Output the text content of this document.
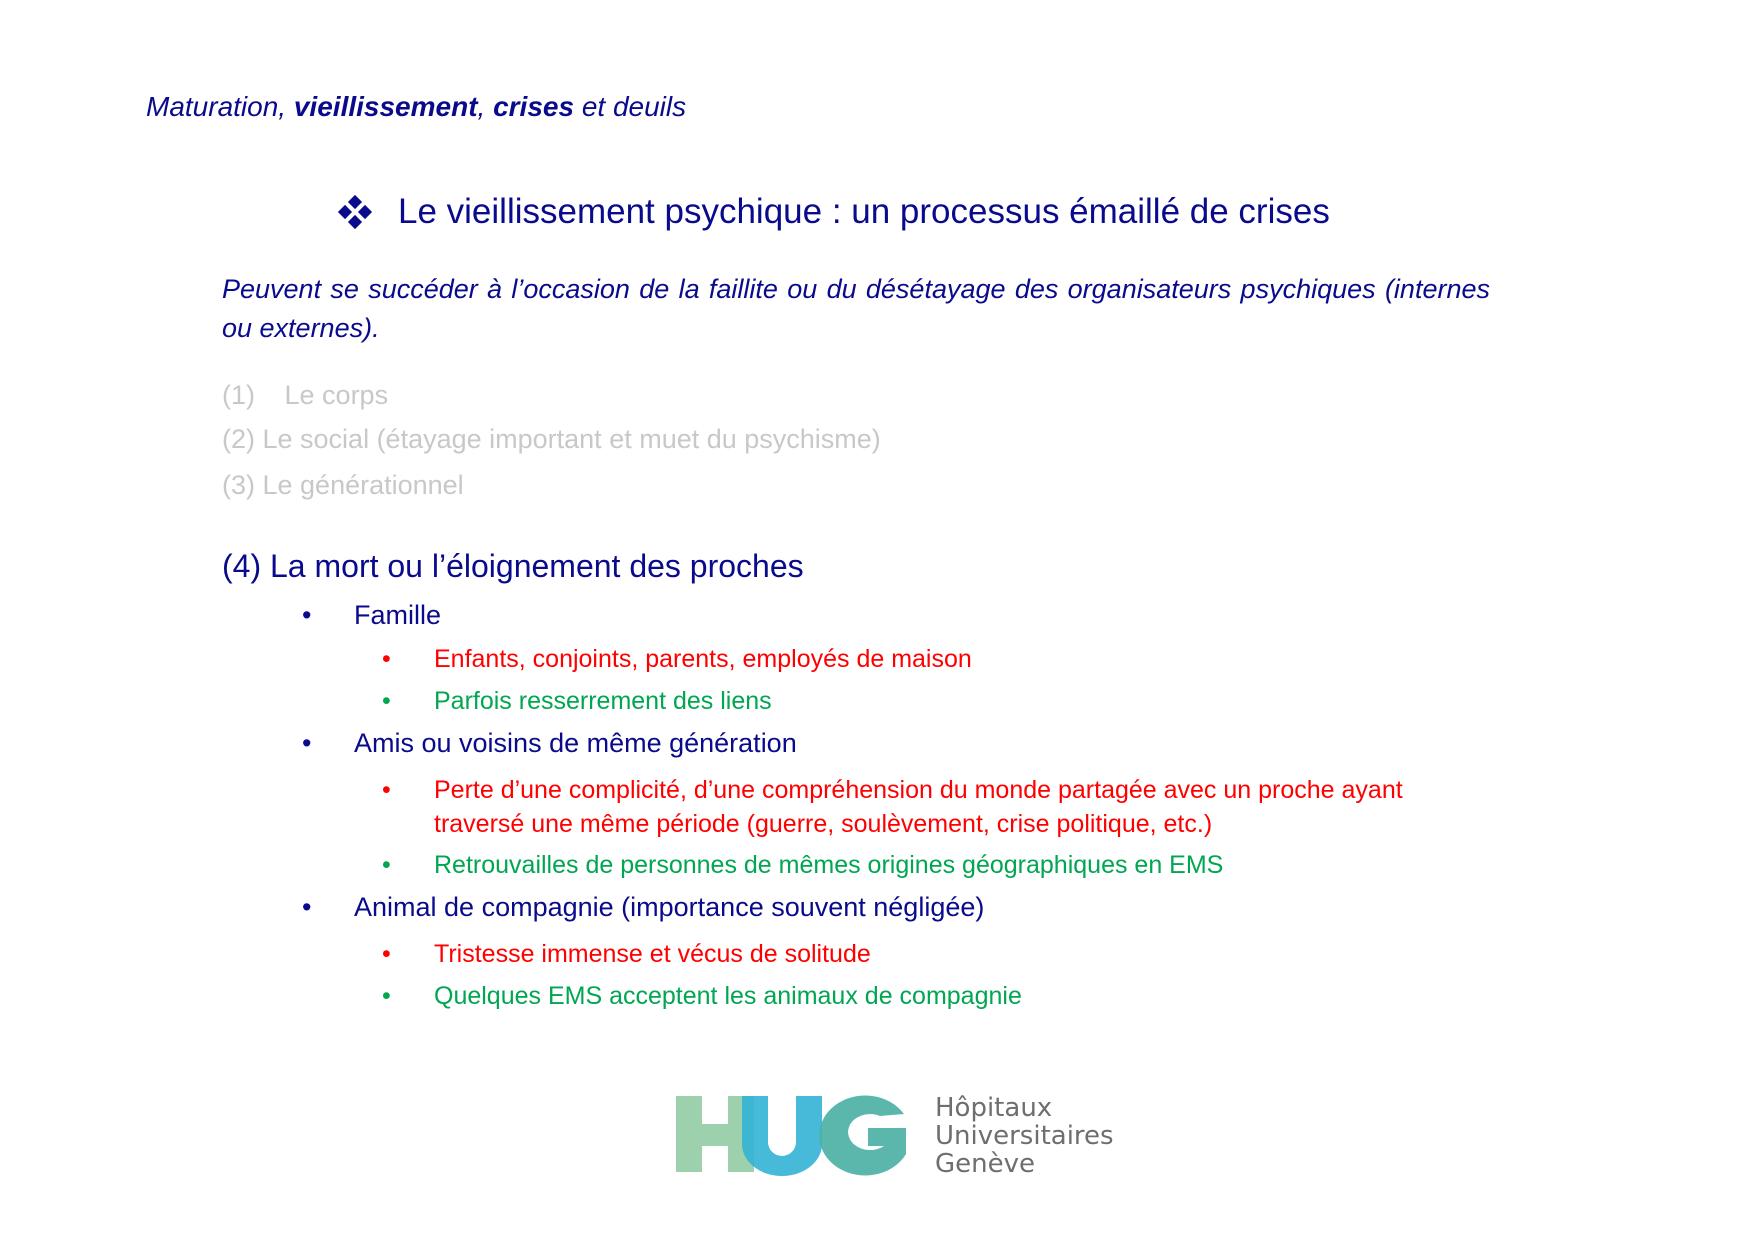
Maturation, vieillissement, crises et deuils
Le vieillissement psychique : un processus émaillé de crises
Peuvent se succéder à l’occasion de la faillite ou du désétayage des organisateurs psychiques (internes ou externes).
(1) Le corps
(2) Le social (étayage important et muet du psychisme)
(3) Le générationnel
(4) La mort ou l’éloignement des proches
• Famille
• Enfants, conjoints, parents, employés de maison
• Parfois resserrement des liens
• Amis ou voisins de même génération
• Perte d’une complicité, d’une compréhension du monde partagée avec un proche ayant
traversé une même période (guerre, soulèvement, crise politique, etc.)
• Retrouvailles de personnes de mêmes origines géographiques en EMS
• Animal de compagnie (importance souvent négligée)
• Tristesse immense et vécus de solitude
• Quelques EMS acceptent les animaux de compagnie
Hôpitaux
Universitaires
Genève
